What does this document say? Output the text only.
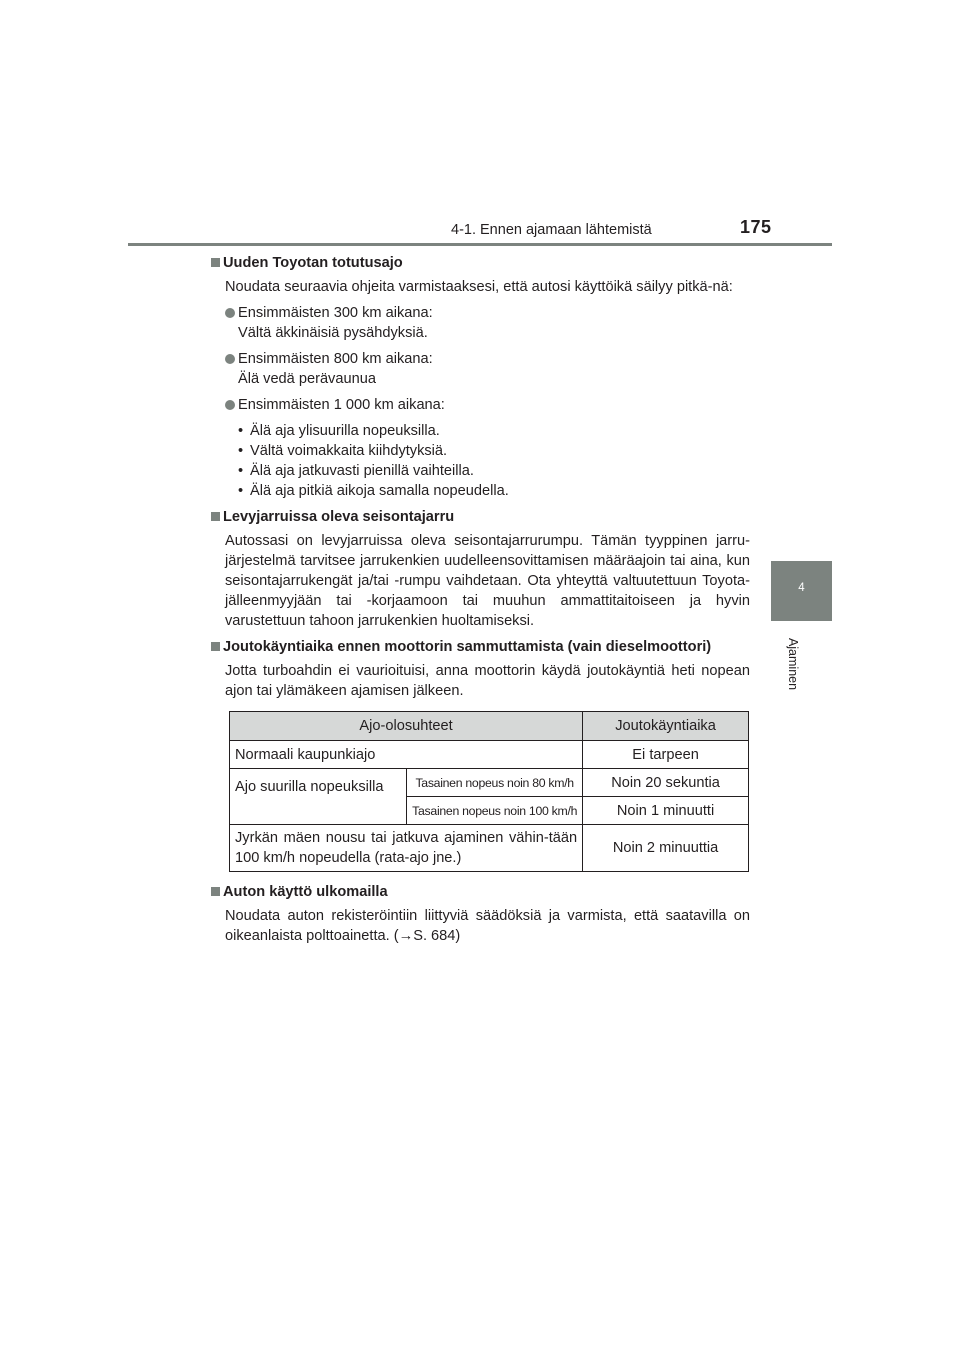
4-1. Ennen ajamaan lähtemistä	175
4
Ajaminen
Uuden Toyotan totutusajo

Noudata seuraavia ohjeita varmistaaksesi, että autosi käyttöikä säilyy pitkä-nä:

Ensimmäisten 300 km aikana:
Vältä äkkinäisiä pysähdyksiä.
Ensimmäisten 800 km aikana:
Älä vedä perävaunua
Ensimmäisten 1 000 km aikana:
• Älä aja ylisuurilla nopeuksilla.
• Vältä voimakkaita kiihdytyksiä.
• Älä aja jatkuvasti pienillä vaihteilla.
• Älä aja pitkiä aikoja samalla nopeudella.
Levyjarruissa oleva seisontajarru

Autossasi on levyjarruissa oleva seisontajarrurumpu. Tämän tyyppinen jarru-järjestelmä tarvitsee jarrukenkien uudelleensovittamisen määräajoin tai aina, kun seisontajarrukengät ja/tai -rumpu vaihdetaan. Ota yhteyttä valtuutettuun Toyota-jälleenmyyjään tai -korjaamoon tai muuhun ammattitaitoiseen ja hyvin varustettuun tahoon jarrukenkien huoltamiseksi.

Joutokäyntiaika ennen moottorin sammuttamista (vain dieselmoottori)

Jotta turboahdin ei vaurioituisi, anna moottorin käydä joutokäyntiä heti nopean ajon tai ylämäkeen ajamisen jälkeen.

Ajo-olosuhteet		Joutokäyntiaika
Normaali kaupunkiajo		Ei tarpeen
Ajo suurilla nopeuksilla	Tasainen nopeus noin 80 km/h	Noin 20 sekuntia
	Tasainen nopeus noin 100 km/h	Noin 1 minuutti
Jyrkän mäen nousu tai jatkuva ajaminen vähin-tään 100 km/h nopeudella (rata-ajo jne.)		Noin 2 minuuttia
Auton käyttö ulkomailla

Noudata auton rekisteröintiin liittyviä säädöksiä ja varmista, että saatavilla on oikeanlaista polttoainetta. (→S. 684)
